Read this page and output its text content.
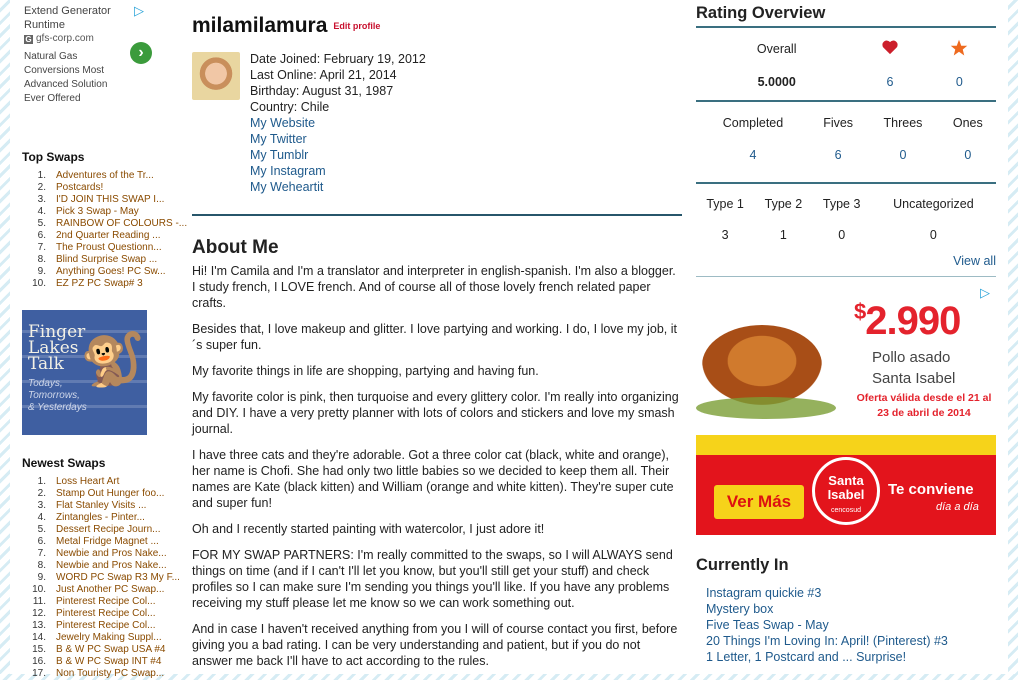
Extend Generator Runtime
G gfs-corp.com
Natural Gas Conversions Most Advanced Solution Ever Offered
▷
›
Top Swaps
1.	Adventures of the Tr...
2.	Postcards!
3.	I'D JOIN THIS SWAP I...
4.	Pick 3 Swap - May
5.	RAINBOW OF COLOURS -...
6.	2nd Quarter Reading ...
7.	The Proust Questionn...
8.	Blind Surprise Swap ...
9.	Anything Goes! PC Sw...
10.	EZ PZ PC Swap# 3
Finger
Lakes
Talk
Todays,
Tomorrows,
& Yesterdays
🐒
Newest Swaps
1.	Loss Heart Art
2.	Stamp Out Hunger foo...
3.	Flat Stanley Visits ...
4.	Zintangles - Pinter...
5.	Dessert Recipe Journ...
6.	Metal Fridge Magnet ...
7.	Newbie and Pros Nake...
8.	Newbie and Pros Nake...
9.	WORD PC Swap R3 My F...
10.	Just Another PC Swap...
11.	Pinterest Recipe Col...
12.	Pinterest Recipe Col...
13.	Pinterest Recipe Col...
14.	Jewelry Making Suppl...
15.	B & W PC Swap USA #4
16.	B & W PC Swap INT #4
17.	Non Touristy PC Swap...
milamilamura Edit profile
Date Joined: February 19, 2012
Last Online: April 21, 2014
Birthday: August 31, 1987
Country: Chile
My Website
My Twitter
My Tumblr
My Instagram
My Weheartit
About Me

Hi! I'm Camila and I'm a translator and interpreter in english-spanish. I'm also a blogger. I study french, I LOVE french. And of course all of those lovely french related paper crafts.

Besides that, I love makeup and glitter. I love partying and working. I do, I love my job, it´s super fun.

My favorite things in life are shopping, partying and having fun.

My favorite color is pink, then turquoise and every glittery color. I'm really into organizing and DIY. I have a very pretty planner with lots of colors and stickers and love my smash journal.

I have three cats and they're adorable. Got a three color cat (black, white and orange), her name is Chofi. She had only two little babies so we decided to keep them all. Their names are Kate (black kitten) and William (orange and white kitten). They're super cute and super fun!

Oh and I recently started painting with watercolor, I just adore it!

FOR MY SWAP PARTNERS: I'm really committed to the swaps, so I will ALWAYS send things on time (and if I can't I'll let you know, but you'll still get your stuff) and check profiles so I can make sure I'm sending you things you'll like. If you have any problems receiving my stuff please let me know so we can work something out.

And in case I haven't received anything from you I will of course contact you first, before giving you a bad rating. I can be very understanding and patient, but if you do not answer me back I'll have to act according to the rules.

Rating Overview
Overall		
5.0000	6	0
Completed	Fives	Threes	Ones
4	6	0	0
Type 1	Type 2	Type 3	Uncategorized
3	1	0	0
View all
▷
$2.990
Pollo asado
Santa Isabel
Oferta válida desde el 21 al 23 de abril de 2014
Ver Más
Santa
Isabel
cencosud
Te conviene
día a día
Currently In
Instagram quickie #3
Mystery box
Five Teas Swap - May
20 Things I'm Loving In: April! (Pinterest) #3
1 Letter, 1 Postcard and ... Surprise!
